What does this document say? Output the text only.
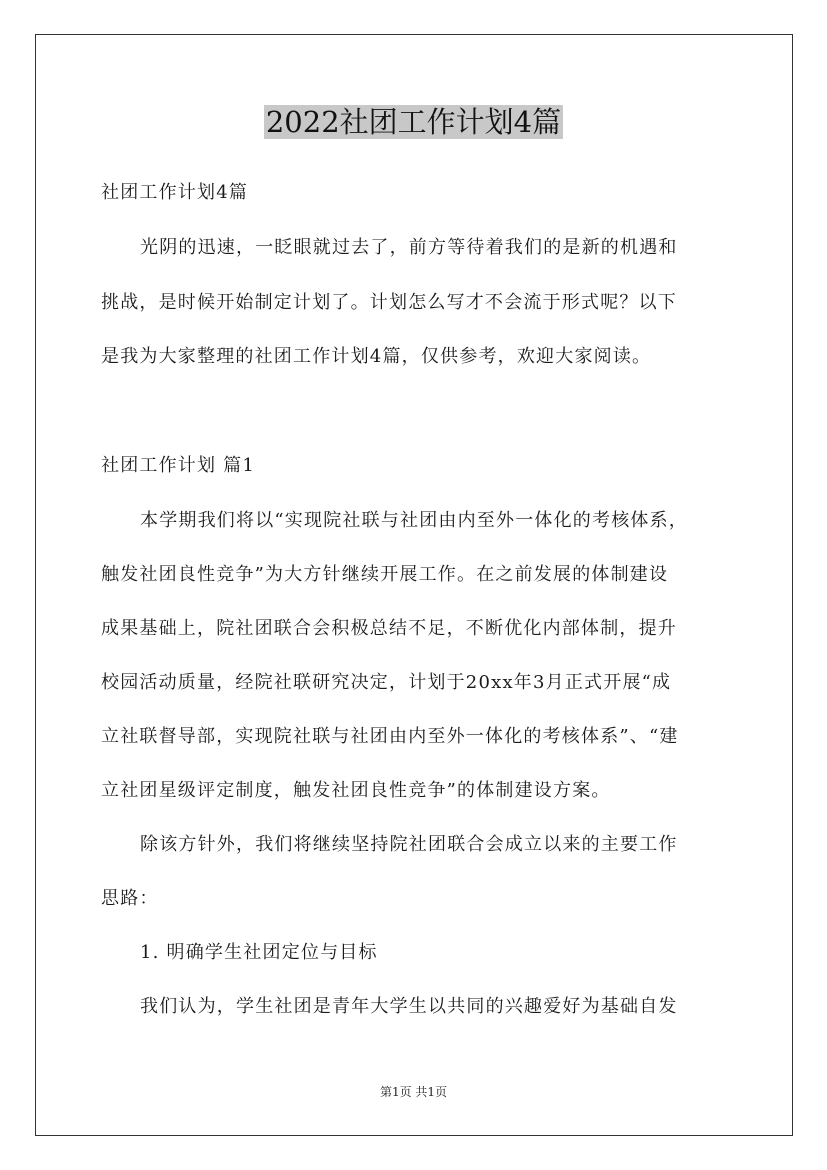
2022社团工作计划4篇
社团工作计划4篇
光阴的迅速，一眨眼就过去了，前方等待着我们的是新的机遇和
挑战，是时候开始制定计划了。计划怎么写才不会流于形式呢？以下
是我为大家整理的社团工作计划4篇，仅供参考，欢迎大家阅读。
社团工作计划 篇1
本学期我们将以“实现院社联与社团由内至外一体化的考核体系，
触发社团良性竞争”为大方针继续开展工作。在之前发展的体制建设
成果基础上，院社团联合会积极总结不足，不断优化内部体制，提升
校园活动质量，经院社联研究决定，计划于20xx年3月正式开展“成
立社联督导部，实现院社联与社团由内至外一体化的考核体系”、“建
立社团星级评定制度，触发社团良性竞争”的体制建设方案。
除该方针外，我们将继续坚持院社团联合会成立以来的主要工作
思路：
1. 明确学生社团定位与目标
我们认为，学生社团是青年大学生以共同的兴趣爱好为基础自发
第1页 共1页
